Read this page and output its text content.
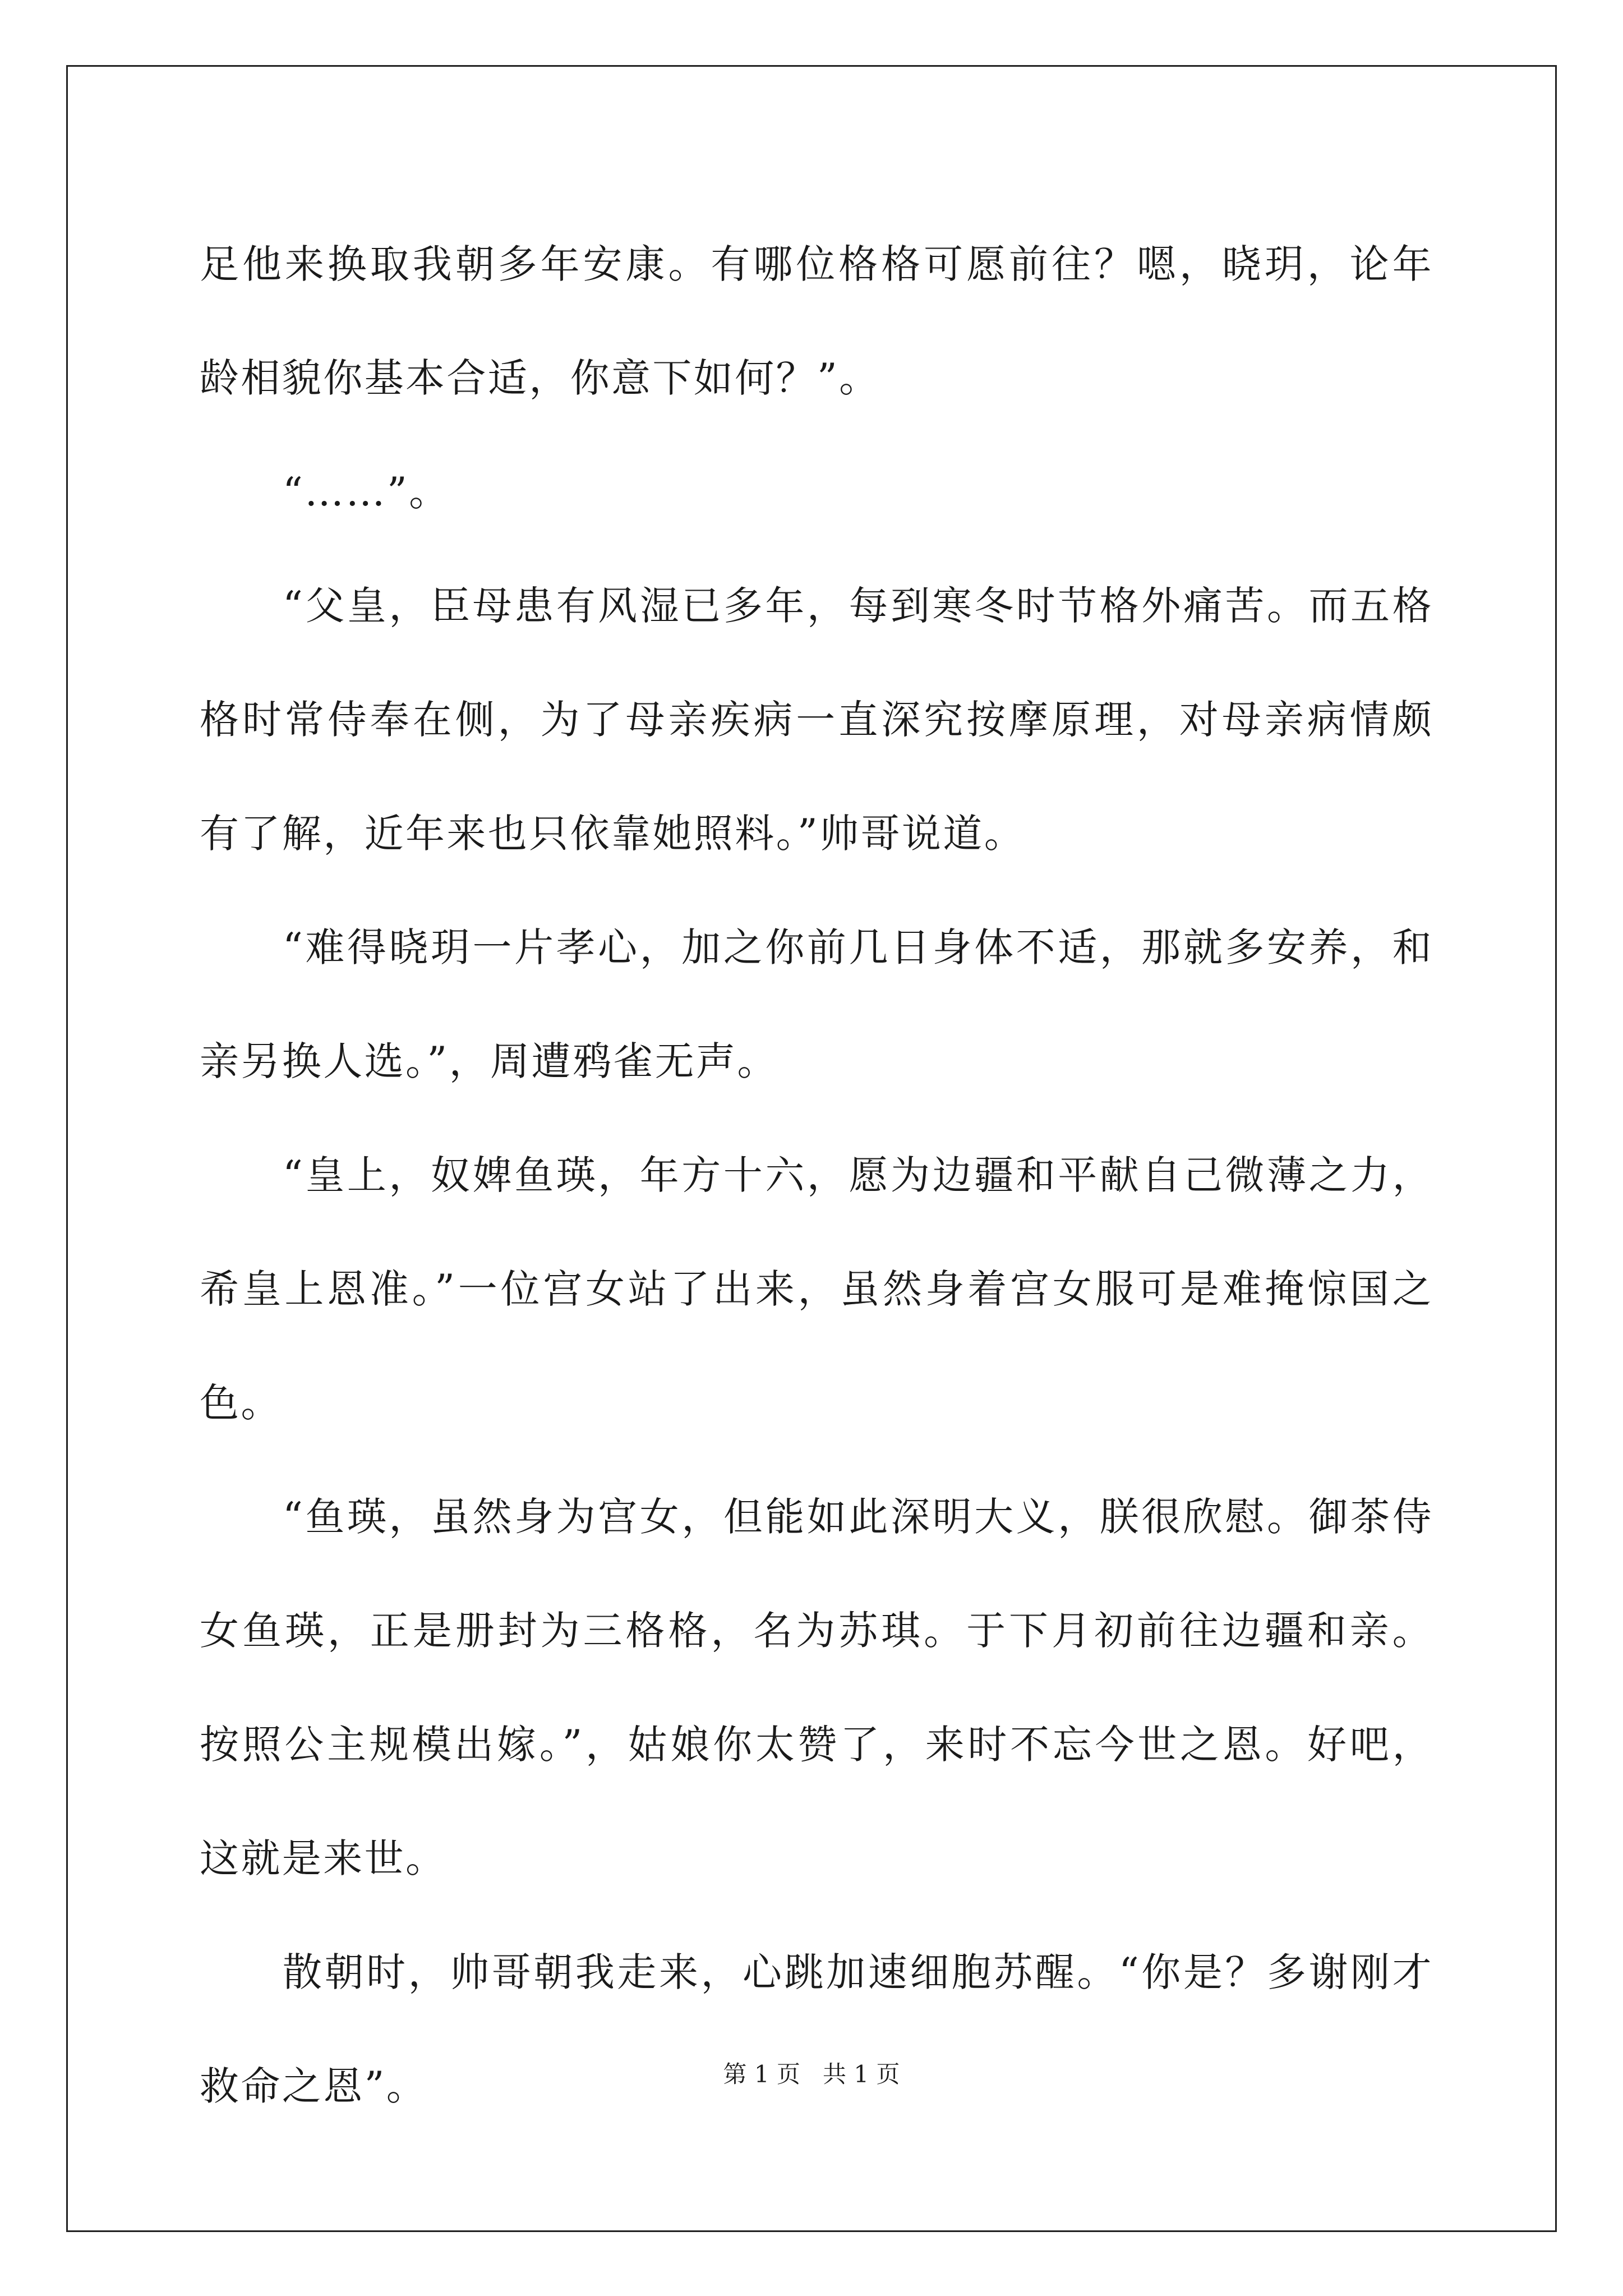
足他来换取我朝多年安康。有哪位格格可愿前往？嗯，晓玥，论年龄相貌你基本合适，你意下如何？”。

“……”。

“父皇，臣母患有风湿已多年，每到寒冬时节格外痛苦。而五格格时常侍奉在侧，为了母亲疾病一直深究按摩原理，对母亲病情颇有了解，近年来也只依靠她照料。”帅哥说道。

“难得晓玥一片孝心，加之你前几日身体不适，那就多安养，和亲另换人选。”，周遭鸦雀无声。

“皇上，奴婢鱼瑛，年方十六，愿为边疆和平献自己微薄之力，希皇上恩准。”一位宫女站了出来，虽然身着宫女服可是难掩惊国之色。

“鱼瑛，虽然身为宫女，但能如此深明大义，朕很欣慰。御茶侍女鱼瑛，正是册封为三格格，名为苏琪。于下月初前往边疆和亲。按照公主规模出嫁。”，姑娘你太赞了，来时不忘今世之恩。好吧，这就是来世。

散朝时，帅哥朝我走来，心跳加速细胞苏醒。“你是？多谢刚才救命之恩”。	第 1 页   共 1 页
